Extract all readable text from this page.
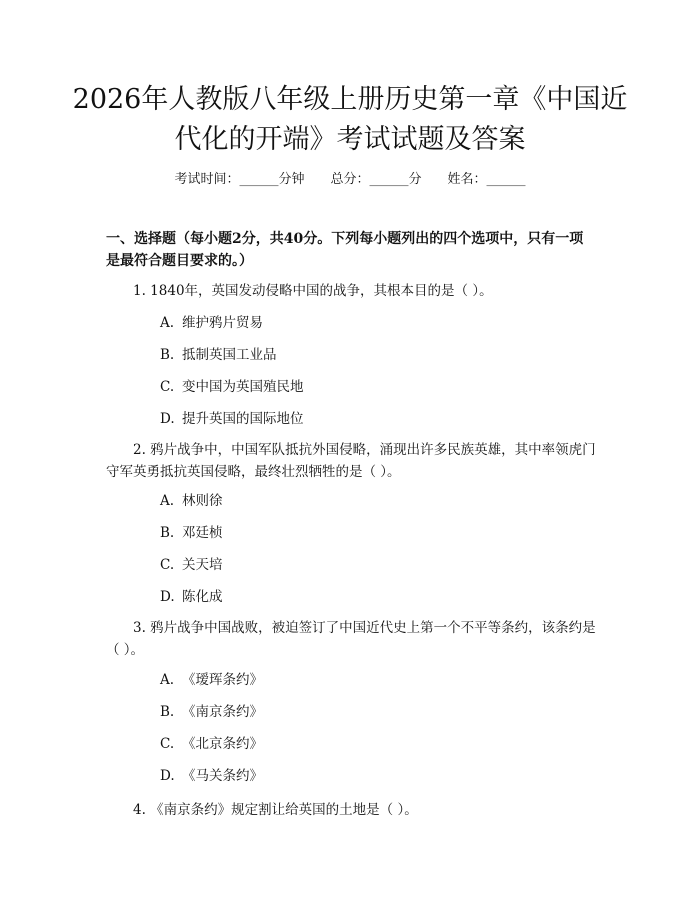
2026年人教版八年级上册历史第一章《中国近代化的开端》考试试题及答案
考试时间：______分钟 总分：______分 姓名：______

一、选择题（每小题2分，共40分。下列每小题列出的四个选项中，只有一项是最符合题目要求的。）

1. 1840年，英国发动侵略中国的战争，其根本目的是（ ）。

A. 维护鸦片贸易

B. 抵制英国工业品

C. 变中国为英国殖民地

D. 提升英国的国际地位

2. 鸦片战争中，中国军队抵抗外国侵略，涌现出许多民族英雄，其中率领虎门守军英勇抵抗英国侵略，最终壮烈牺牲的是（ ）。

A. 林则徐

B. 邓廷桢

C. 关天培

D. 陈化成

3. 鸦片战争中国战败，被迫签订了中国近代史上第一个不平等条约，该条约是（ ）。

A. 《瑷珲条约》

B. 《南京条约》

C. 《北京条约》

D. 《马关条约》

4. 《南京条约》规定割让给英国的土地是（ ）。
